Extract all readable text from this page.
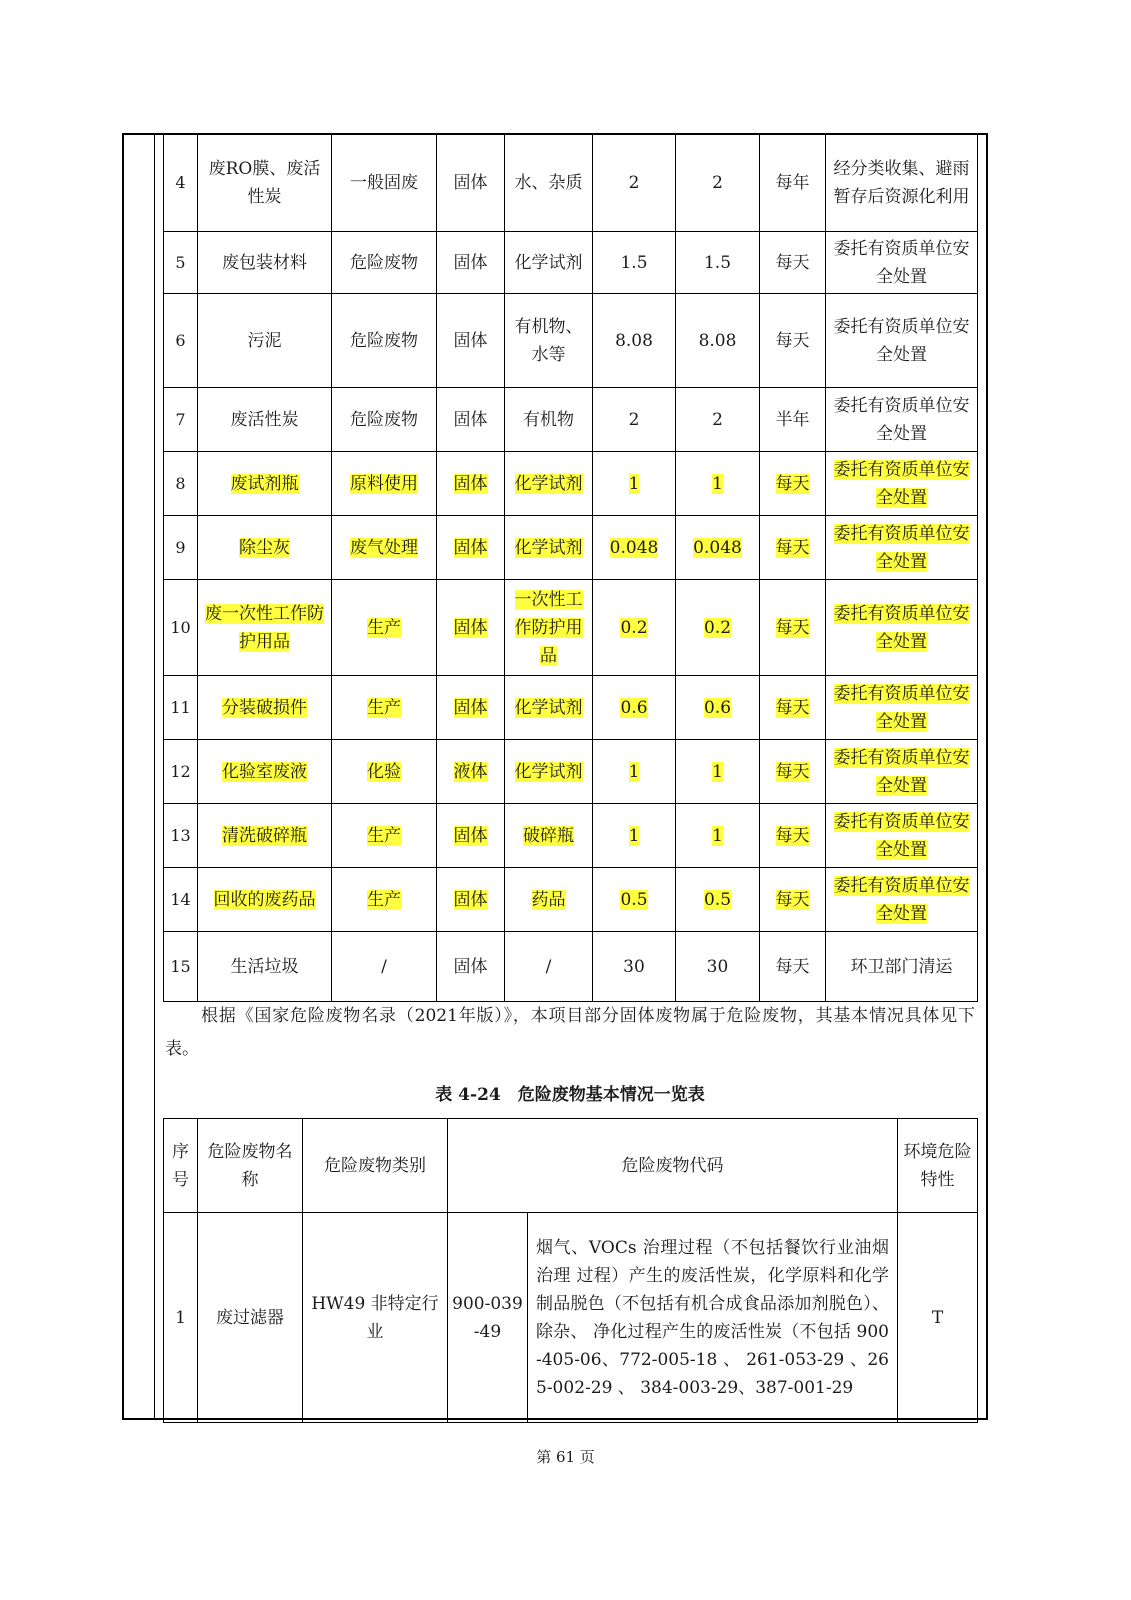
4	废RO膜、废活性炭	一般固废	固体	水、杂质	2	2	每年	经分类收集、避雨暂存后资源化利用
5	废包装材料	危险废物	固体	化学试剂	1.5	1.5	每天	委托有资质单位安全处置
6	污泥	危险废物	固体	有机物、水等	8.08	8.08	每天	委托有资质单位安全处置
7	废活性炭	危险废物	固体	有机物	2	2	半年	委托有资质单位安全处置
8	废试剂瓶	原料使用	固体	化学试剂	1	1	每天	委托有资质单位安全处置
9	除尘灰	废气处理	固体	化学试剂	0.048	0.048	每天	委托有资质单位安全处置
10	废一次性工作防护用品	生产	固体	一次性工作防护用品	0.2	0.2	每天	委托有资质单位安全处置
11	分装破损件	生产	固体	化学试剂	0.6	0.6	每天	委托有资质单位安全处置
12	化验室废液	化验	液体	化学试剂	1	1	每天	委托有资质单位安全处置
13	清洗破碎瓶	生产	固体	破碎瓶	1	1	每天	委托有资质单位安全处置
14	回收的废药品	生产	固体	药品	0.5	0.5	每天	委托有资质单位安全处置
15	生活垃圾	/	固体	/	30	30	每天	环卫部门清运
根据《国家危险废物名录（2021年版）》，本项目部分固体废物属于危险废物，其基本情况具体见下表。
表 4-24　危险废物基本情况一览表
序号	危险废物名称	危险废物类别	危险废物代码		环境危险特性
1	废过滤器	HW49 非特定行业	900-039-49	烟气、VOCs 治理过程（不包括餐饮行业油烟治理 过程）产生的废活性炭，化学原料和化学制品脱色（不包括有机合成食品添加剂脱色）、除杂、 净化过程产生的废活性炭（不包括 900-405-06、772-005-18 、 261-053-29 、265-002-29 、 384-003-29、387-001-29	T
第 61 页
